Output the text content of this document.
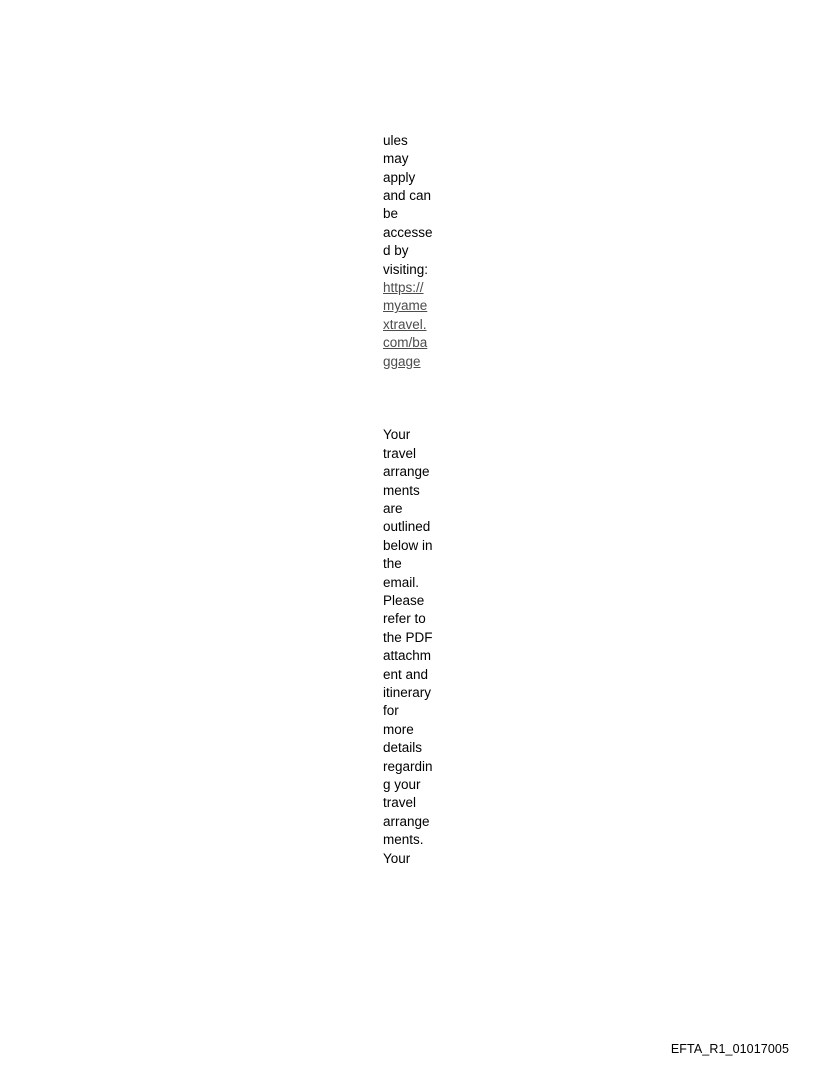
ules may apply and can be accessed by visiting: https://myamextravel.com/baggage

Your travel arrangements are outlined below in the email.  Please refer to the PDF attachment and itinerary for more details regarding your travel arrangements.  Your

EFTA_R1_01017005
